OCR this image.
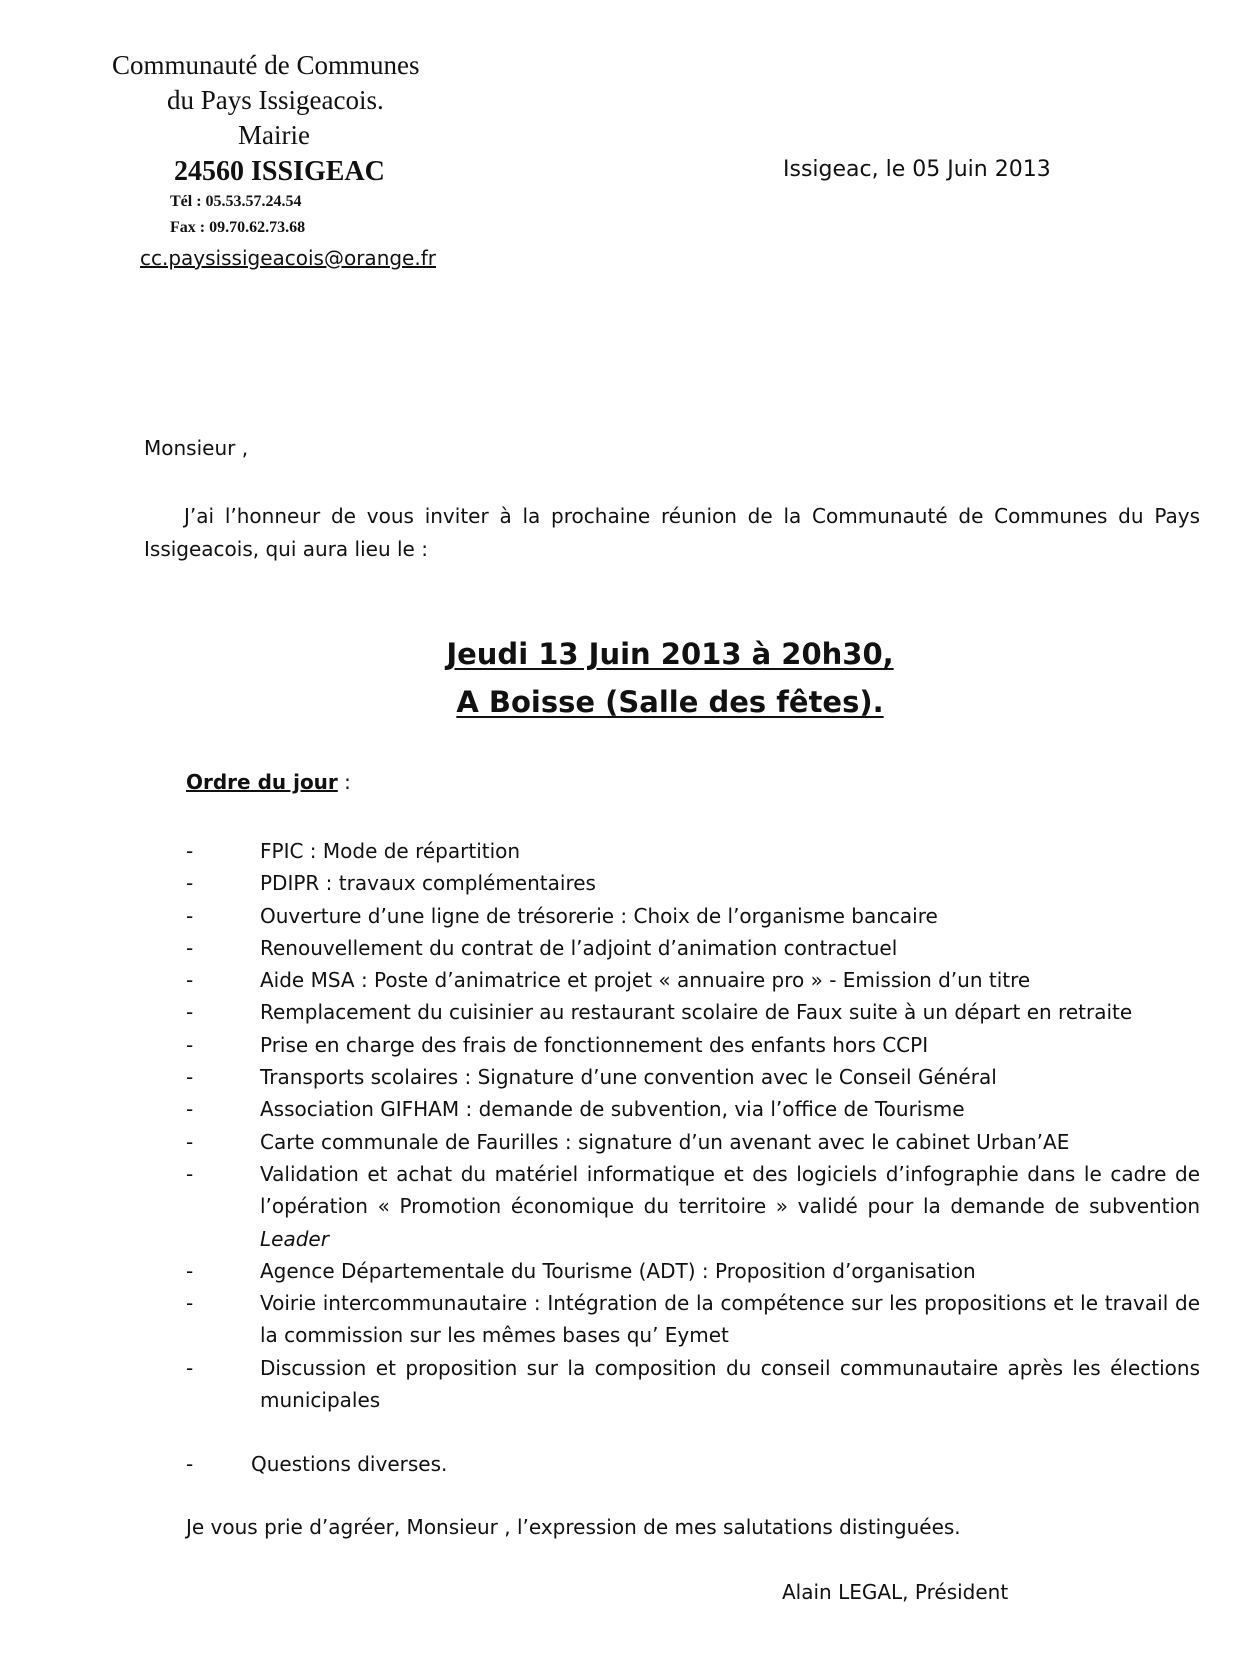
Communauté de Communes
du Pays Issigeacois.
Mairie
24560 ISSIGEAC
Tél : 05.53.57.24.54
Fax : 09.70.62.73.68
cc.paysissigeacois@orange.fr
Issigeac, le 05 Juin 2013
Monsieur ,
J’ai l’honneur de vous inviter à la prochaine réunion de la Communauté de Communes du Pays Issigeacois, qui aura lieu le :
Jeudi 13 Juin 2013 à 20h30,
A Boisse (Salle des fêtes).
Ordre du jour :
-	FPIC : Mode de répartition
-	PDIPR : travaux complémentaires
-	Ouverture d’une ligne de trésorerie : Choix de l’organisme bancaire
-	Renouvellement du contrat de l’adjoint d’animation contractuel
-	Aide MSA : Poste d’animatrice et projet « annuaire pro » - Emission d’un titre
-	Remplacement du cuisinier au restaurant scolaire de Faux suite à un départ en retraite
-	Prise en charge des frais de fonctionnement des enfants hors CCPI
-	Transports scolaires : Signature d’une convention avec le Conseil Général
-	Association GIFHAM : demande de subvention, via l’office de Tourisme
-	Carte communale de Faurilles : signature d’un avenant avec le cabinet Urban’AE
-	Validation et achat du matériel informatique et des logiciels d’infographie dans le cadre de l’opération « Promotion économique du territoire » validé pour la demande de subvention Leader
-	Agence Départementale du Tourisme (ADT) : Proposition d’organisation
-	Voirie intercommunautaire : Intégration de la compétence sur les propositions et le travail de la commission sur les mêmes bases qu’ Eymet
-	Discussion et proposition sur la composition du conseil communautaire après les élections municipales
-	Questions diverses.
Je vous prie d’agréer, Monsieur , l’expression de mes salutations distinguées.
Alain LEGAL, Président
